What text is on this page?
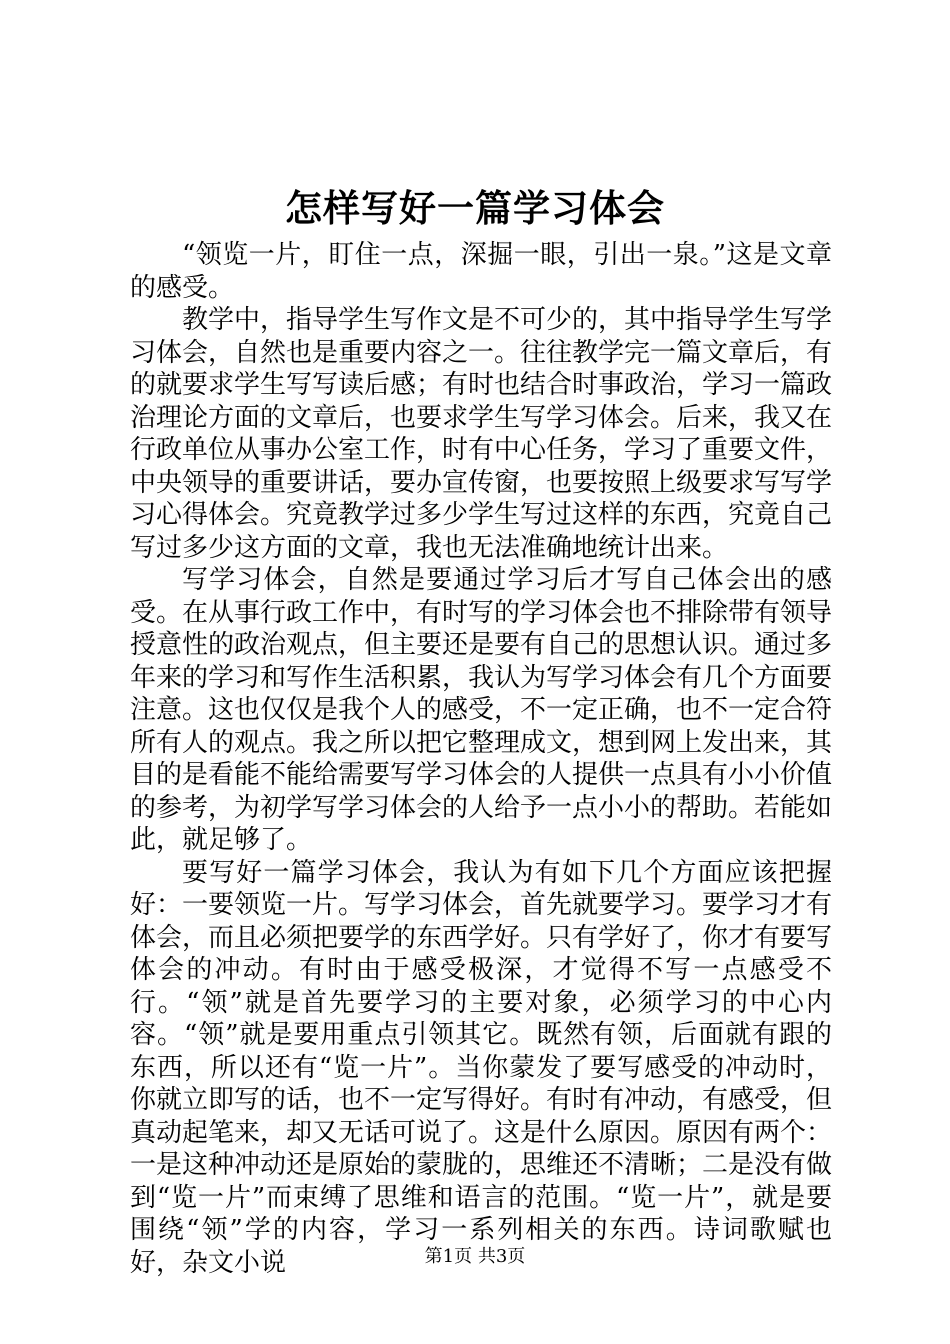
怎样写好一篇学习体会

“领览一片，盯住一点，深掘一眼，引出一泉。”这是文章的感受。

教学中，指导学生写作文是不可少的，其中指导学生写学习体会，自然也是重要内容之一。往往教学完一篇文章后，有的就要求学生写写读后感；有时也结合时事政治，学习一篇政治理论方面的文章后，也要求学生写学习体会。后来，我又在行政单位从事办公室工作，时有中心任务，学习了重要文件，中央领导的重要讲话，要办宣传窗，也要按照上级要求写写学习心得体会。究竟教学过多少学生写过这样的东西，究竟自己写过多少这方面的文章，我也无法准确地统计出来。

写学习体会，自然是要通过学习后才写自己体会出的感受。在从事行政工作中，有时写的学习体会也不排除带有领导授意性的政治观点，但主要还是要有自己的思想认识。通过多年来的学习和写作生活积累，我认为写学习体会有几个方面要注意。这也仅仅是我个人的感受，不一定正确，也不一定合符所有人的观点。我之所以把它整理成文，想到网上发出来，其目的是看能不能给需要写学习体会的人提供一点具有小小价值的参考，为初学写学习体会的人给予一点小小的帮助。若能如此，就足够了。

要写好一篇学习体会，我认为有如下几个方面应该把握好：一要领览一片。写学习体会，首先就要学习。要学习才有体会，而且必须把要学的东西学好。只有学好了，你才有要写体会的冲动。有时由于感受极深，才觉得不写一点感受不行。“领”就是首先要学习的主要对象，必须学习的中心内容。“领”就是要用重点引领其它。既然有领，后面就有跟的东西，所以还有“览一片”。当你蒙发了要写感受的冲动时，你就立即写的话，也不一定写得好。有时有冲动，有感受，但真动起笔来，却又无话可说了。这是什么原因。原因有两个：一是这种冲动还是原始的蒙胧的，思维还不清晰；二是没有做到“览一片”而束缚了思维和语言的范围。“览一片”，就是要围绕“领”学的内容，学习一系列相关的东西。诗词歌赋也好，杂文小说	第1页 共3页
